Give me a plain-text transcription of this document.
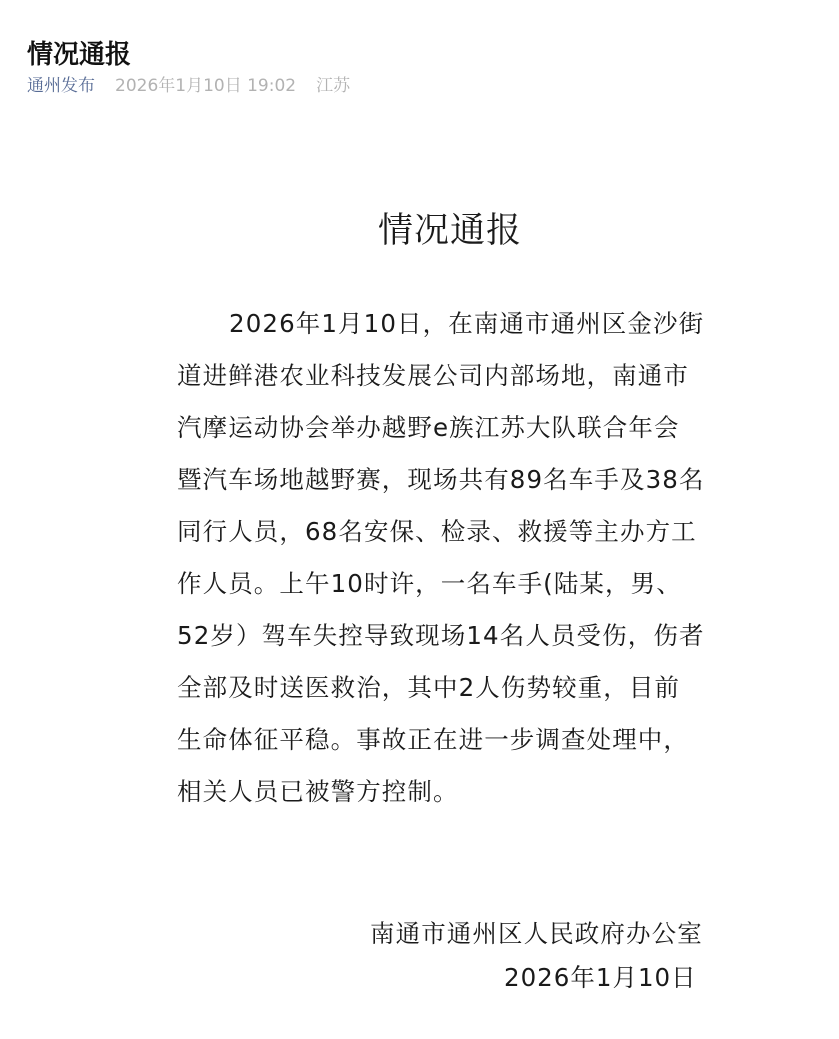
情况通报
通州发布 2026年1月10日 19:02 江苏
情况通报
2026年1月10日，在南通市通州区金沙街
道进鲜港农业科技发展公司内部场地，南通市
汽摩运动协会举办越野e族江苏大队联合年会
暨汽车场地越野赛，现场共有89名车手及38名
同行人员，68名安保、检录、救援等主办方工
作人员。上午10时许，一名车手(陆某，男、
52岁）驾车失控导致现场14名人员受伤，伤者
全部及时送医救治，其中2人伤势较重，目前
生命体征平稳。事故正在进一步调查处理中，
相关人员已被警方控制。
南通市通州区人民政府办公室
2026年1月10日
